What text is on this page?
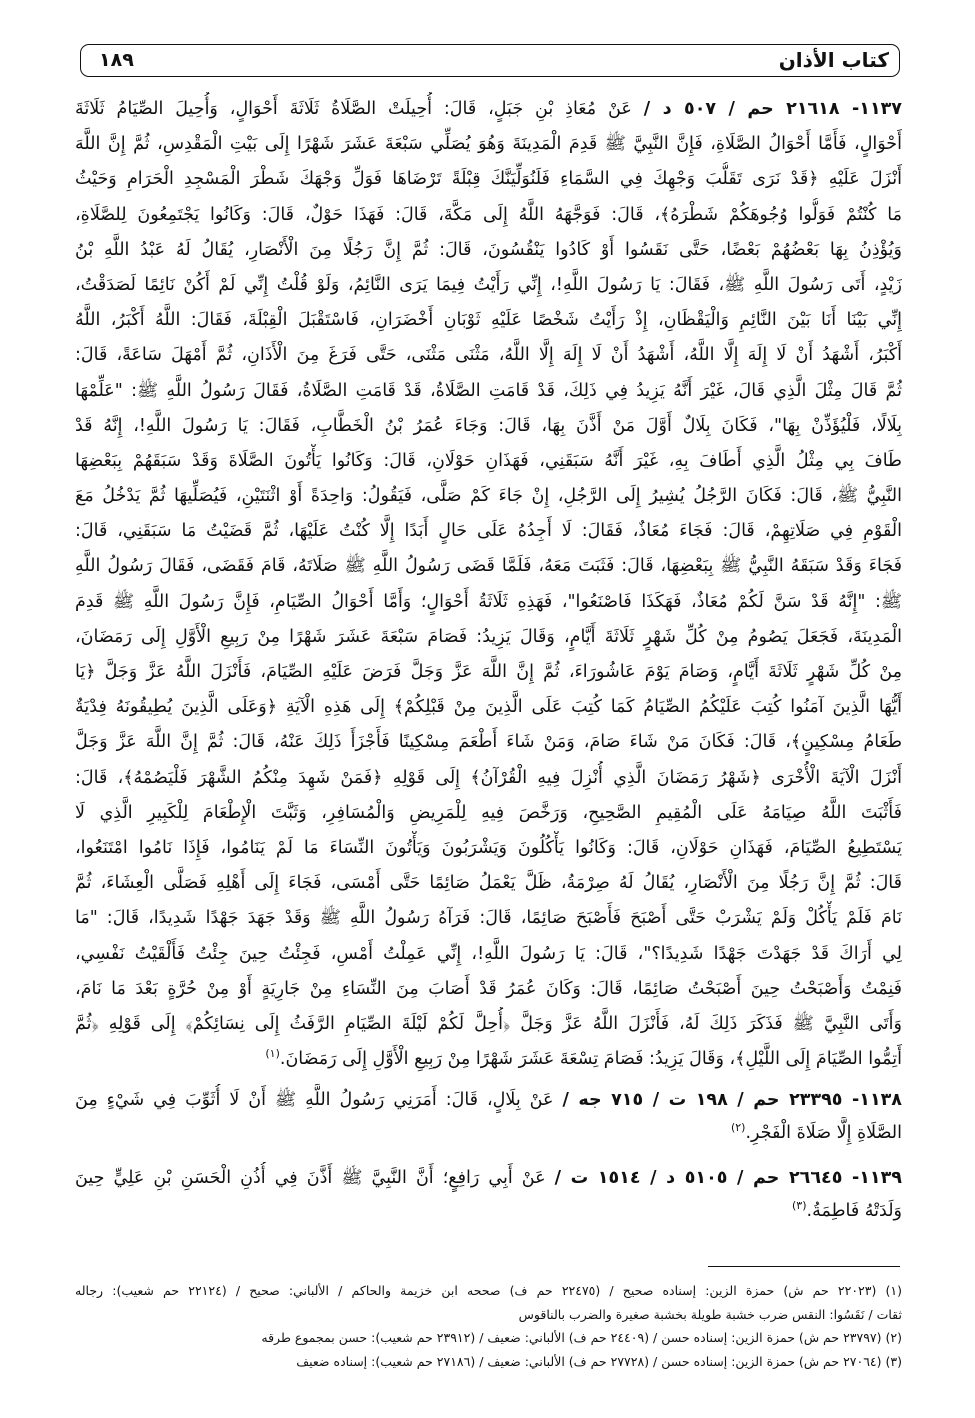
كتاب الأذان
١٨٩
١١٣٧- ٢١٦١٨ حم / ٥٠٧ د / عَنْ مُعَاذِ بْنِ جَبَلٍ، قَالَ: أُحِيلَتْ الصَّلَاةُ ثَلَاثَةَ أَحْوَالٍ، وَأُحِيلَ الصِّيَامُ ثَلَاثَةَ
أَحْوَالٍ، فَأَمَّا أَحْوَالُ الصَّلَاةِ، فَإِنَّ النَّبِيَّ ﷺ قَدِمَ الْمَدِينَةَ وَهُوَ يُصَلِّي سَبْعَةَ عَشَرَ شَهْرًا إِلَى بَيْتِ الْمَقْدِسِ، ثُمَّ إِنَّ اللَّهَ
أَنْزَلَ عَلَيْهِ ﴿قَدْ نَرَى تَقَلُّبَ وَجْهِكَ فِي السَّمَاءِ فَلَنُوَلِّيَنَّكَ قِبْلَةً تَرْضَاهَا فَوَلِّ وَجْهَكَ شَطْرَ الْمَسْجِدِ الْحَرَامِ وَحَيْثُ
مَا كُنْتُمْ فَوَلُّوا وُجُوهَكُمْ شَطْرَهُ﴾، قَالَ: فَوَجَّهَهُ اللَّهُ إِلَى مَكَّةَ، قَالَ: فَهَذَا حَوْلٌ، قَالَ: وَكَانُوا يَجْتَمِعُونَ لِلصَّلَاةِ،
وَيُؤْذِنُ بِهَا بَعْضُهُمْ بَعْضًا، حَتَّى نَقَسُوا أَوْ كَادُوا يَنْقُسُونَ، قَالَ: ثُمَّ إِنَّ رَجُلًا مِنَ الْأَنْصَارِ، يُقَالُ لَهُ عَبْدُ اللَّهِ بْنُ
زَيْدٍ، أَتَى رَسُولَ اللَّهِ ﷺ، فَقَالَ: يَا رَسُولَ اللَّهِ!، إِنِّي رَأَيْتُ فِيمَا يَرَى النَّائِمُ، وَلَوْ قُلْتُ إِنِّي لَمْ أَكُنْ نَائِمًا لَصَدَقْتُ،
إِنِّي بَيْنَا أَنَا بَيْنَ النَّائِمِ وَالْيَقْظَانِ، إِذْ رَأَيْتُ شَخْصًا عَلَيْهِ ثَوْبَانِ أَخْضَرَانِ، فَاسْتَقْبَلَ الْقِبْلَةَ، فَقَالَ: اللَّهُ أَكْبَرُ، اللَّهُ
أَكْبَرُ، أَشْهَدُ أَنْ لَا إِلَهَ إِلَّا اللَّهُ، أَشْهَدُ أَنْ لَا إِلَهَ إِلَّا اللَّهُ، مَثْنَى مَثْنَى، حَتَّى فَرَغَ مِنَ الْأَذَانِ، ثُمَّ أَمْهَلَ سَاعَةً، قَالَ:
ثُمَّ قَالَ مِثْلَ الَّذِي قَالَ، غَيْرَ أَنَّهُ يَزِيدُ فِي ذَلِكَ، قَدْ قَامَتِ الصَّلَاةُ، قَدْ قَامَتِ الصَّلَاةُ، فَقَالَ رَسُولُ اللَّهِ ﷺ: "عَلِّمْهَا
بِلَالًا، فَلْيُؤَذِّنْ بِهَا"، فَكَانَ بِلَالٌ أَوَّلَ مَنْ أَذَّنَ بِهَا، قَالَ: وَجَاءَ عُمَرُ بْنُ الْخَطَّابِ، فَقَالَ: يَا رَسُولَ اللَّهِ!، إِنَّهُ قَدْ
طَافَ بِي مِثْلُ الَّذِي أَطَافَ بِهِ، غَيْرَ أَنَّهُ سَبَقَنِي، فَهَذَانِ حَوْلَانِ، قَالَ: وَكَانُوا يَأْتُونَ الصَّلَاةَ وَقَدْ سَبَقَهُمْ بِبَعْضِهَا
النَّبِيُّ ﷺ، قَالَ: فَكَانَ الرَّجُلُ يُشِيرُ إِلَى الرَّجُلِ، إِنْ جَاءَ كَمْ صَلَّى، فَيَقُولُ: وَاحِدَةً أَوْ اثْنَتَيْنِ، فَيُصَلِّيهَا ثُمَّ يَدْخُلُ مَعَ
الْقَوْمِ فِي صَلَاتِهِمْ، قَالَ: فَجَاءَ مُعَاذٌ، فَقَالَ: لَا أَجِدُهُ عَلَى حَالٍ أَبَدًا إِلَّا كُنْتُ عَلَيْهَا، ثُمَّ قَضَيْتُ مَا سَبَقَنِي، قَالَ:
فَجَاءَ وَقَدْ سَبَقَهُ النَّبِيُّ ﷺ بِبَعْضِهَا، قَالَ: فَثَبَتَ مَعَهُ، فَلَمَّا قَضَى رَسُولُ اللَّهِ ﷺ صَلَاتَهُ، قَامَ فَقَضَى، فَقَالَ رَسُولُ اللَّهِ
ﷺ: "إِنَّهُ قَدْ سَنَّ لَكُمْ مُعَاذٌ، فَهَكَذَا فَاصْنَعُوا"، فَهَذِهِ ثَلَاثَةُ أَحْوَالٍ؛ وَأَمَّا أَحْوَالُ الصِّيَامِ، فَإِنَّ رَسُولَ اللَّهِ ﷺ قَدِمَ
الْمَدِينَةَ، فَجَعَلَ يَصُومُ مِنْ كُلِّ شَهْرٍ ثَلَاثَةَ أَيَّامٍ، وَقَالَ يَزِيدُ: فَصَامَ سَبْعَةَ عَشَرَ شَهْرًا مِنْ رَبِيعِ الْأَوَّلِ إِلَى رَمَضَانَ،
مِنْ كُلِّ شَهْرٍ ثَلَاثَةَ أَيَّامٍ، وَصَامَ يَوْمَ عَاشُورَاءَ، ثُمَّ إِنَّ اللَّهَ عَزَّ وَجَلَّ فَرَضَ عَلَيْهِ الصِّيَامَ، فَأَنْزَلَ اللَّهُ عَزَّ وَجَلَّ ﴿يَا
أَيُّهَا الَّذِينَ آمَنُوا كُتِبَ عَلَيْكُمُ الصِّيَامُ كَمَا كُتِبَ عَلَى الَّذِينَ مِنْ قَبْلِكُمْ﴾ إِلَى هَذِهِ الْآيَةِ ﴿وَعَلَى الَّذِينَ يُطِيقُونَهُ فِدْيَةٌ
طَعَامُ مِسْكِينٍ﴾، قَالَ: فَكَانَ مَنْ شَاءَ صَامَ، وَمَنْ شَاءَ أَطْعَمَ مِسْكِينًا فَأَجْزَأَ ذَلِكَ عَنْهُ، قَالَ: ثُمَّ إِنَّ اللَّهَ عَزَّ وَجَلَّ
أَنْزَلَ الْآيَةَ الْأُخْرَى ﴿شَهْرُ رَمَضَانَ الَّذِي أُنْزِلَ فِيهِ الْقُرْآنُ﴾ إِلَى قَوْلِهِ ﴿فَمَنْ شَهِدَ مِنْكُمُ الشَّهْرَ فَلْيَصُمْهُ﴾، قَالَ:
فَأَثْبَتَ اللَّهُ صِيَامَهُ عَلَى الْمُقِيمِ الصَّحِيحِ، وَرَخَّصَ فِيهِ لِلْمَرِيضِ وَالْمُسَافِرِ، وَثَبَّتَ الْإِطْعَامَ لِلْكَبِيرِ الَّذِي لَا
يَسْتَطِيعُ الصِّيَامَ، فَهَذَانِ حَوْلَانِ، قَالَ: وَكَانُوا يَأْكُلُونَ وَيَشْرَبُونَ وَيَأْتُونَ النِّسَاءَ مَا لَمْ يَنَامُوا، فَإِذَا نَامُوا امْتَنَعُوا،
قَالَ: ثُمَّ إِنَّ رَجُلًا مِنَ الْأَنْصَارِ، يُقَالُ لَهُ صِرْمَةُ، ظَلَّ يَعْمَلُ صَائِمًا حَتَّى أَمْسَى، فَجَاءَ إِلَى أَهْلِهِ فَصَلَّى الْعِشَاءَ، ثُمَّ
نَامَ فَلَمْ يَأْكُلْ وَلَمْ يَشْرَبْ حَتَّى أَصْبَحَ فَأَصْبَحَ صَائِمًا، قَالَ: فَرَآهُ رَسُولُ اللَّهِ ﷺ وَقَدْ جَهَدَ جَهْدًا شَدِيدًا، قَالَ: "مَا
لِي أَرَاكَ قَدْ جَهَدْتَ جَهْدًا شَدِيدًا؟"، قَالَ: يَا رَسُولَ اللَّهِ!، إِنِّي عَمِلْتُ أَمْسِ، فَجِئْتُ حِينَ جِئْتُ فَأَلْقَيْتُ نَفْسِي،
فَنِمْتُ وَأَصْبَحْتُ حِينَ أَصْبَحْتُ صَائِمًا، قَالَ: وَكَانَ عُمَرُ قَدْ أَصَابَ مِنَ النِّسَاءِ مِنْ جَارِيَةٍ أَوْ مِنْ حُرَّةٍ بَعْدَ مَا نَامَ،
وَأَتَى النَّبِيَّ ﷺ فَذَكَرَ ذَلِكَ لَهُ، فَأَنْزَلَ اللَّهُ عَزَّ وَجَلَّ ﴿أُحِلَّ لَكُمْ لَيْلَةَ الصِّيَامِ الرَّفَثُ إِلَى نِسَائِكُمْ﴾ إِلَى قَوْلِهِ ﴿ثُمَّ
أَتِمُّوا الصِّيَامَ إِلَى اللَّيْلِ﴾، وَقَالَ يَزِيدُ: فَصَامَ تِسْعَةَ عَشَرَ شَهْرًا مِنْ رَبِيعِ الْأَوَّلِ إِلَى رَمَضَانَ.$^{(١)}$
١١٣٨- ٢٣٣٩٥ حم / ١٩٨ ت / ٧١٥ جه / عَنْ بِلَالٍ، قَالَ: أَمَرَنِي رَسُولُ اللَّهِ ﷺ أَنْ لَا أُثَوِّبَ فِي شَيْءٍ مِنَ
الصَّلَاةِ إِلَّا صَلَاةَ الْفَجْرِ.$^{(٢)}$
١١٣٩- ٢٦٦٤٥ حم / ٥١٠٥ د / ١٥١٤ ت / عَنْ أَبِي رَافِعٍ؛ أَنَّ النَّبِيَّ ﷺ أَذَّنَ فِي أُذُنِ الْحَسَنِ بْنِ عَلِيٍّ حِينَ
وَلَدَتْهُ فَاطِمَةُ.$^{(٣)}$
(١) (٢٢٠٢٣ حم ش) حمزة الزين: إسناده صحيح / (٢٢٤٧٥ حم ف) صححه ابن خزيمة والحاكم / الألباني: صحيح / (٢٢١٢٤ حم شعيب): رجاله
ثقات / نَقَسُوا: النقس ضرب خشبة طويلة بخشبة صغيرة والضرب بالناقوس
(٢) (٢٣٧٩٧ حم ش) حمزة الزين: إسناده حسن / (٢٤٤٠٩ حم ف) الألباني: ضعيف / (٢٣٩١٢ حم شعيب): حسن بمجموع طرقه
(٣) (٢٧٠٦٤ حم ش) حمزة الزين: إسناده حسن / (٢٧٧٢٨ حم ف) الألباني: ضعيف / (٢٧١٨٦ حم شعيب): إسناده ضعيف
